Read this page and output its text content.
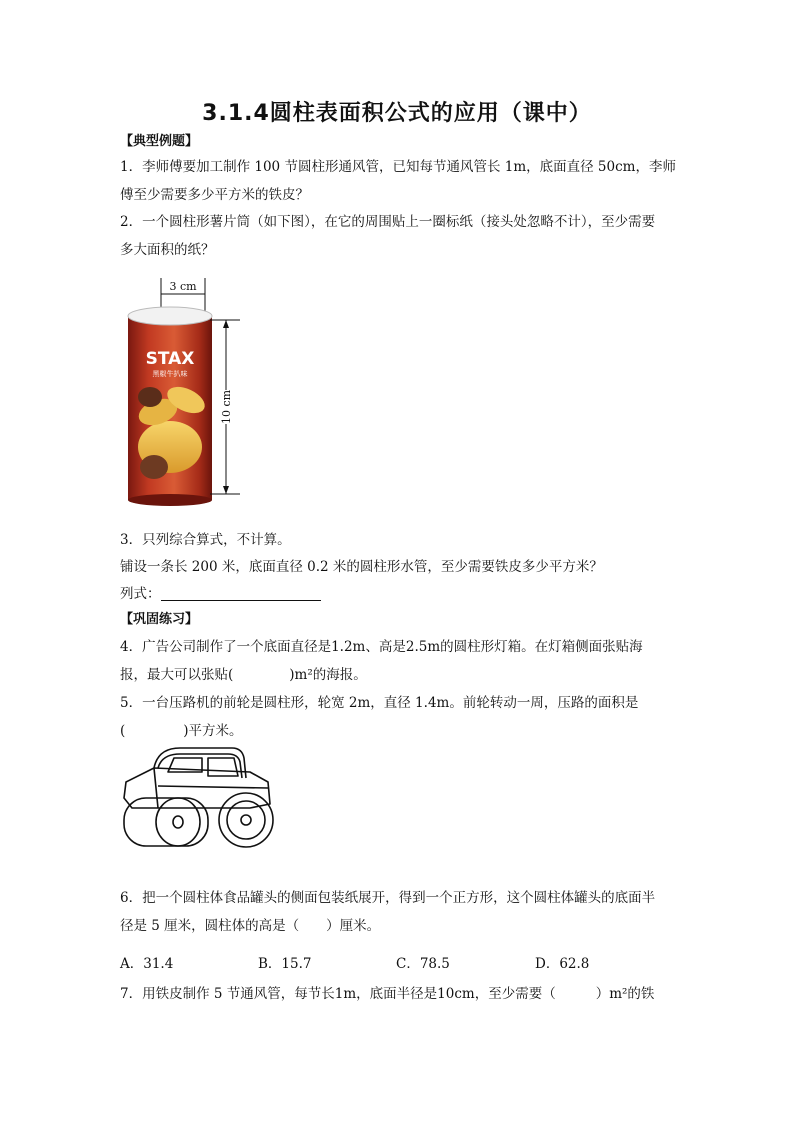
3.1.4圆柱表面积公式的应用（课中）
【典型例题】
1．李师傅要加工制作 100 节圆柱形通风管，已知每节通风管长 1m，底面直径 50cm，李师
傅至少需要多少平方米的铁皮？
2．一个圆柱形薯片筒（如下图），在它的周围贴上一圈标纸（接头处忽略不计），至少需要
多大面积的纸？
3 cm
STAX
黑椒牛扒味
10 cm
3．只列综合算式，不计算。
铺设一条长 200 米，底面直径 0.2 米的圆柱形水管，至少需要铁皮多少平方米？
列式：
【巩固练习】
4．广告公司制作了一个底面直径是1.2m、高是2.5m的圆柱形灯箱。在灯箱侧面张贴海
报，最大可以张贴(	)m²的海报。
5．一台压路机的前轮是圆柱形，轮宽 2m，直径 1.4m。前轮转动一周，压路的面积是
(	)平方米。
6．把一个圆柱体食品罐头的侧面包装纸展开，得到一个正方形，这个圆柱体罐头的底面半
径是 5 厘米，圆柱体的高是（　　）厘米。
A．31.4	B．15.7	C．78.5	D．62.8
7．用铁皮制作 5 节通风管，每节长1m，底面半径是10cm，至少需要（	）m²的铁
